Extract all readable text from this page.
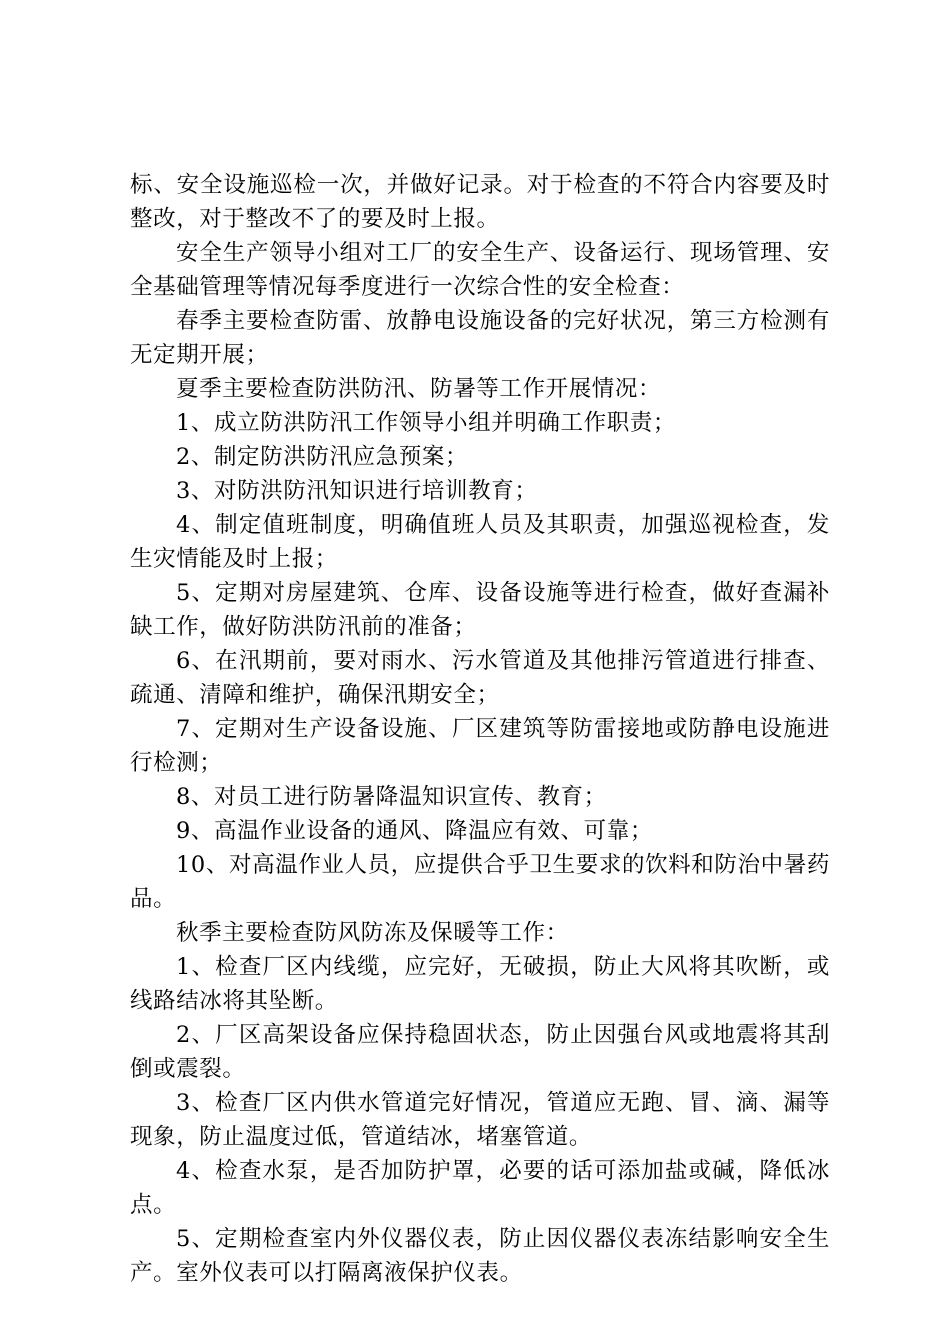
标、安全设施巡检一次，并做好记录。对于检查的不符合内容要及时整改，对于整改不了的要及时上报。

安全生产领导小组对工厂的安全生产、设备运行、现场管理、安全基础管理等情况每季度进行一次综合性的安全检查：

春季主要检查防雷、放静电设施设备的完好状况，第三方检测有无定期开展；

夏季主要检查防洪防汛、防暑等工作开展情况：

1、成立防洪防汛工作领导小组并明确工作职责；

2、制定防洪防汛应急预案；

3、对防洪防汛知识进行培训教育；

4、制定值班制度，明确值班人员及其职责，加强巡视检查，发生灾情能及时上报；

5、定期对房屋建筑、仓库、设备设施等进行检查，做好查漏补缺工作，做好防洪防汛前的准备；

6、在汛期前，要对雨水、污水管道及其他排污管道进行排查、疏通、清障和维护，确保汛期安全；

7、定期对生产设备设施、厂区建筑等防雷接地或防静电设施进行检测；

8、对员工进行防暑降温知识宣传、教育；

9、高温作业设备的通风、降温应有效、可靠；

10、对高温作业人员，应提供合乎卫生要求的饮料和防治中暑药品。

秋季主要检查防风防冻及保暖等工作：

1、检查厂区内线缆，应完好，无破损，防止大风将其吹断，或线路结冰将其坠断。

2、厂区高架设备应保持稳固状态，防止因强台风或地震将其刮倒或震裂。

3、检查厂区内供水管道完好情况，管道应无跑、冒、滴、漏等现象，防止温度过低，管道结冰，堵塞管道。

4、检查水泵，是否加防护罩，必要的话可添加盐或碱，降低冰点。

5、定期检查室内外仪器仪表，防止因仪器仪表冻结影响安全生产。室外仪表可以打隔离液保护仪表。
